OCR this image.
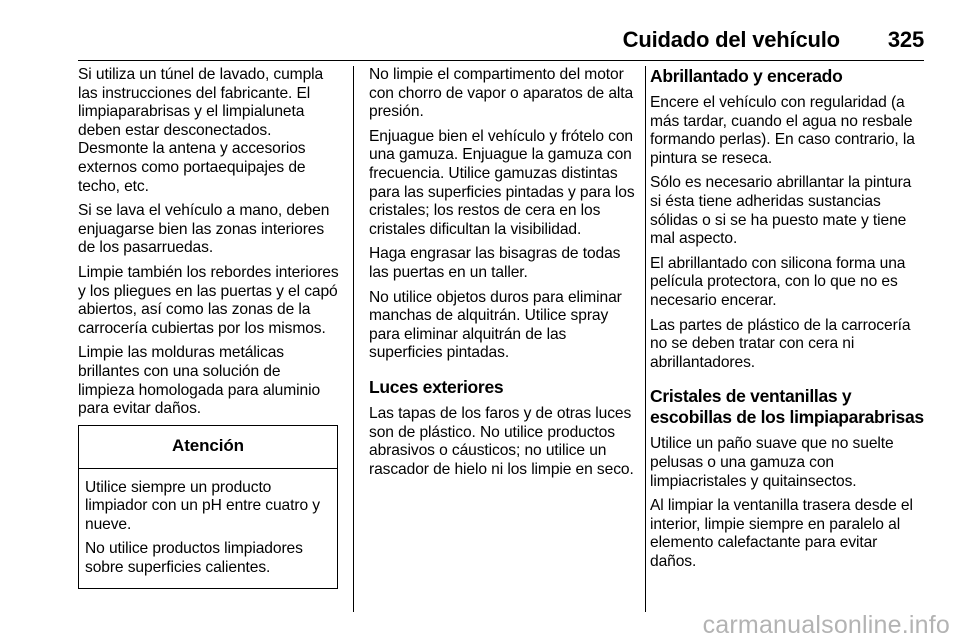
Cuidado del vehículo 325

Si utiliza un túnel de lavado, cumpla las instrucciones del fabricante. El limpiaparabrisas y el limpialuneta deben estar desconectados. Desmonte la antena y accesorios externos como portaequipajes de techo, etc.

Si se lava el vehículo a mano, deben enjuagarse bien las zonas interiores de los pasarruedas.

Limpie también los rebordes interiores y los pliegues en las puertas y el capó abiertos, así como las zonas de la carrocería cubiertas por los mismos.

Limpie las molduras metálicas brillantes con una solución de limpieza homologada para aluminio para evitar daños.

Atención

Utilice siempre un producto limpiador con un pH entre cuatro y nueve.

No utilice productos limpiadores sobre superficies calientes.

No limpie el compartimento del motor con chorro de vapor o aparatos de alta presión.

Enjuague bien el vehículo y frótelo con una gamuza. Enjuague la gamuza con frecuencia. Utilice gamuzas distintas para las superficies pintadas y para los cristales; los restos de cera en los cristales dificultan la visibilidad.

Haga engrasar las bisagras de todas las puertas en un taller.

No utilice objetos duros para eliminar manchas de alquitrán. Utilice spray para eliminar alquitrán de las superficies pintadas.

Luces exteriores

Las tapas de los faros y de otras luces son de plástico. No utilice productos abrasivos o cáusticos; no utilice un rascador de hielo ni los limpie en seco.

Abrillantado y encerado

Encere el vehículo con regularidad (a más tardar, cuando el agua no resbale formando perlas). En caso contrario, la pintura se reseca.

Sólo es necesario abrillantar la pintura si ésta tiene adheridas sustancias sólidas o si se ha puesto mate y tiene mal aspecto.

El abrillantado con silicona forma una película protectora, con lo que no es necesario encerar.

Las partes de plástico de la carrocería no se deben tratar con cera ni abrillantadores.

Cristales de ventanillas y escobillas de los limpiaparabrisas

Utilice un paño suave que no suelte pelusas o una gamuza con limpiacristales y quitainsectos.

Al limpiar la ventanilla trasera desde el interior, limpie siempre en paralelo al elemento calefactante para evitar daños.

carmanualsonline.info
